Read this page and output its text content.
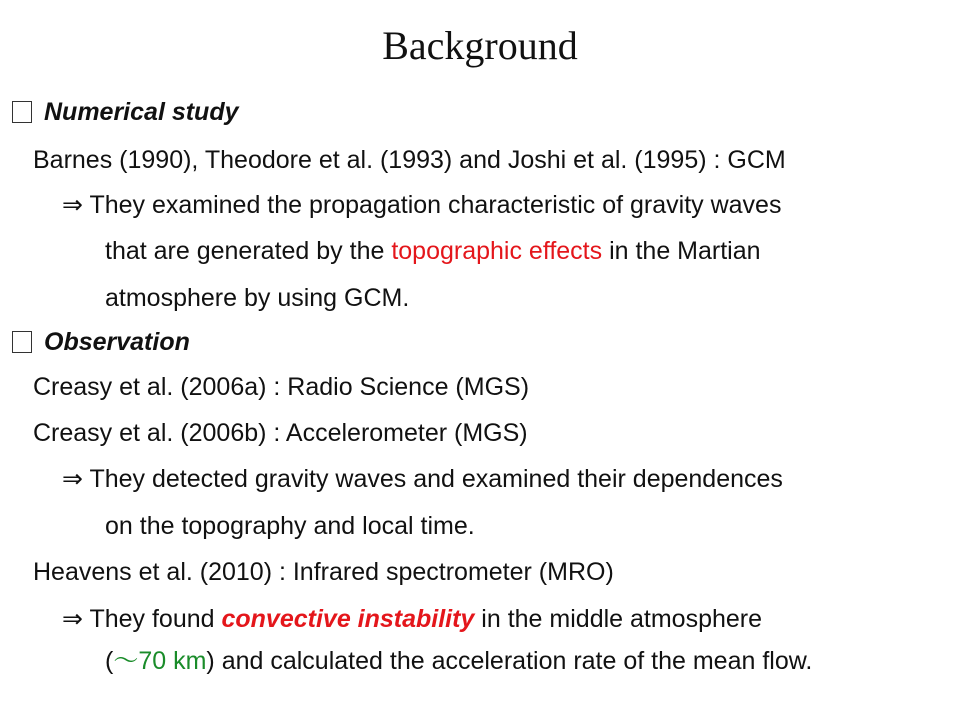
Background
Numerical study
Barnes (1990), Theodore et al. (1993) and Joshi et al. (1995) : GCM
⇒ They examined the propagation characteristic of gravity waves
that are generated by the topographic effects in the Martian
atmosphere by using GCM.
Observation
Creasy et al. (2006a) : Radio Science (MGS)
Creasy et al. (2006b) : Accelerometer (MGS)
⇒ They detected gravity waves and examined their dependences
on the topography and local time.
Heavens et al. (2010) : Infrared spectrometer (MRO)
⇒ They found convective instability in the middle atmosphere
(〜70 km) and calculated the acceleration rate of the mean flow.
